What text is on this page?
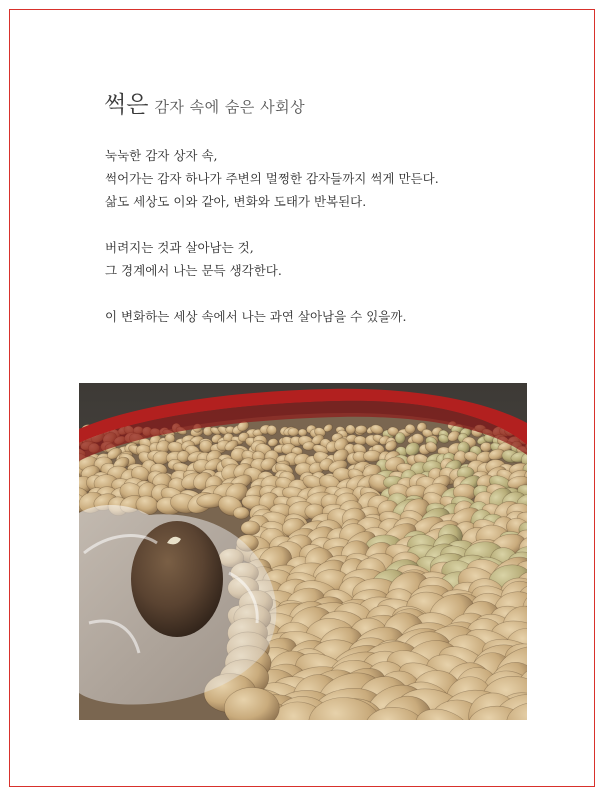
썩은 감자 속에 숨은 사회상

눅눅한 감자 상자 속,

썩어가는 감자 하나가 주변의 멀쩡한 감자들까지 썩게 만든다.

삶도 세상도 이와 같아, 변화와 도태가 반복된다.

버려지는 것과 살아남는 것,

그 경계에서 나는 문득 생각한다.

이 변화하는 세상 속에서 나는 과연 살아남을 수 있을까.
